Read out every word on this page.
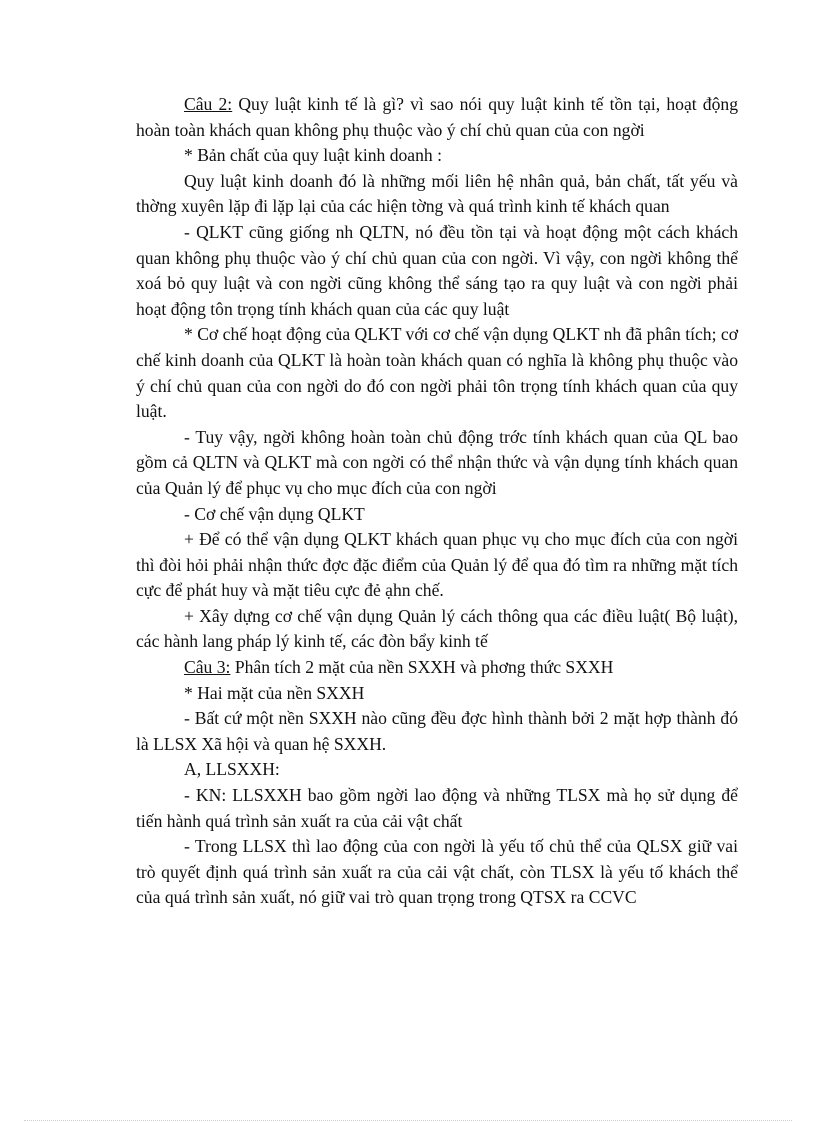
Câu 2: Quy luật kinh tế là gì? vì sao nói quy luật kinh tế tồn tại, hoạt động hoàn toàn khách quan không phụ thuộc vào ý chí chủ quan của con ngời

* Bản chất của quy luật kinh doanh :

Quy luật kinh doanh đó là những mối liên hệ nhân quả, bản chất, tất yếu và thờng xuyên lặp đi lặp lại của các hiện tờng và quá trình kinh tế khách quan

- QLKT cũng giống nh QLTN, nó đều tồn tại và hoạt động một cách khách quan không phụ thuộc vào ý chí chủ quan của con ngời. Vì vậy, con ngời không thể xoá bỏ quy luật và con ngời cũng không thể sáng tạo ra quy luật và con ngời phải hoạt động tôn trọng tính khách quan của các quy luật

* Cơ chế hoạt động của QLKT với cơ chế vận dụng QLKT nh đã phân tích; cơ chế kinh doanh của QLKT là hoàn toàn khách quan có nghĩa là không phụ thuộc vào ý chí chủ quan của con ngời do đó con ngời phải tôn trọng tính khách quan của quy luật.

- Tuy vậy, ngời không hoàn toàn chủ động trớc tính khách quan của QL bao gồm cả QLTN và QLKT mà con ngời có thể nhận thức và vận dụng tính khách quan của Quản lý để phục vụ cho mục đích của con ngời

- Cơ chế vận dụng QLKT

+ Để có thể vận dụng QLKT khách quan phục vụ cho mục đích của con ngời thì đòi hỏi phải nhận thức đợc đặc điểm của Quản lý để qua đó tìm ra những mặt tích cực để phát huy và mặt tiêu cực đẻ ạhn chế.

+ Xây dựng cơ chế vận dụng Quản lý cách thông qua các điều luật( Bộ luật), các hành lang pháp lý kinh tế, các đòn bẩy kinh tế

Câu 3: Phân tích 2 mặt của nền SXXH và phơng thức SXXH

* Hai mặt của nền SXXH

- Bất cứ một nền SXXH nào cũng đều đợc hình thành bởi 2 mặt hợp thành đó là LLSX Xã hội và quan hệ SXXH.

A, LLSXXH:

- KN: LLSXXH bao gồm ngời lao động và những TLSX mà họ sử dụng để tiến hành quá trình sản xuất ra của cải vật chất

- Trong LLSX thì lao động của con ngời là yếu tố chủ thể của QLSX giữ vai trò quyết định quá trình sản xuất ra của cải vật chất, còn TLSX là yếu tố khách thể của quá trình sản xuất, nó giữ vai trò quan trọng trong QTSX ra CCVC
